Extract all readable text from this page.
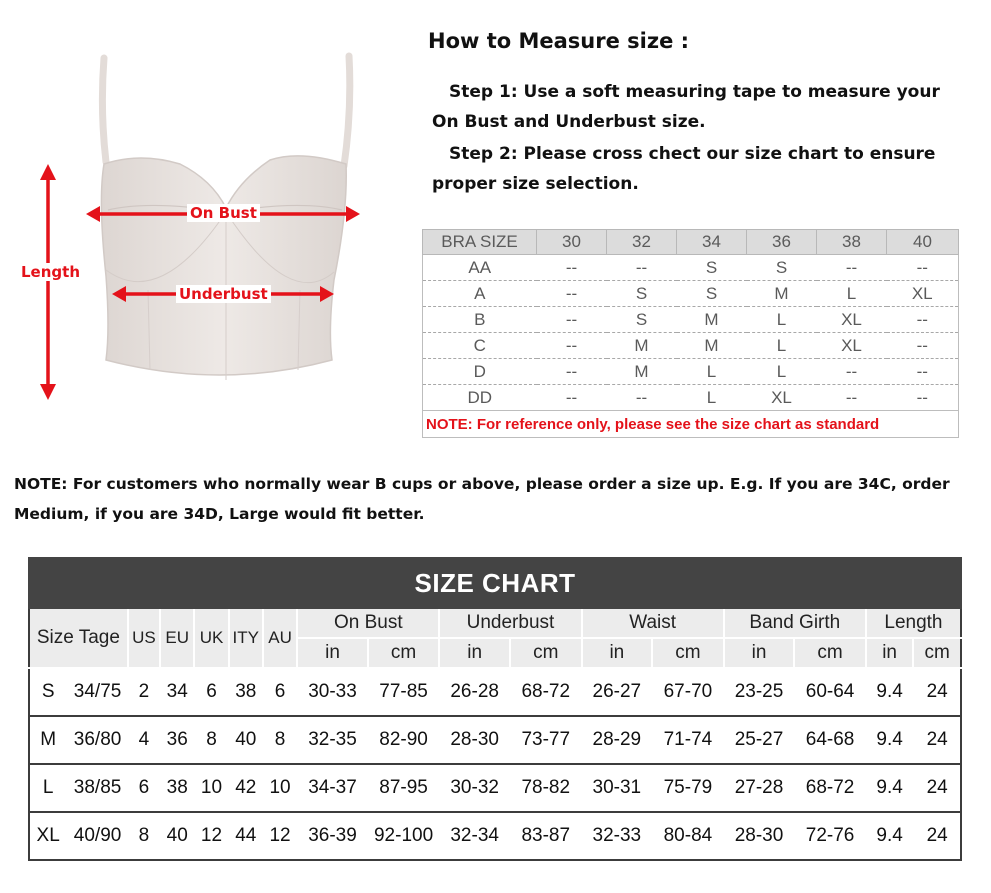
On Bust
Underbust
Length
How to Measure size :
Step 1: Use a soft measuring tape to measure your On Bust and Underbust size.
Step 2: Please cross chect our size chart to ensure proper size selection.
BRA SIZE	30	32	34	36	38	40
AA	--	--	S	S	--	--
A	--	S	S	M	L	XL
B	--	S	M	L	XL	--
C	--	M	M	L	XL	--
D	--	M	L	L	--	--
DD	--	--	L	XL	--	--
NOTE: For reference only, please see the size chart as standard						
NOTE: For customers who normally wear B cups or above, please order a size up. E.g. If you are 34C, order Medium, if you are 34D, Large would fit better.
SIZE CHART																
Size Tage		US	EU	UK	ITY	AU	On Bust		Underbust		Waist		Band Girth		Length	
							in	cm	in	cm	in	cm	in	cm	in	cm
S	34/75	2	34	6	38	6	30-33	77-85	26-28	68-72	26-27	67-70	23-25	60-64	9.4	24
M	36/80	4	36	8	40	8	32-35	82-90	28-30	73-77	28-29	71-74	25-27	64-68	9.4	24
L	38/85	6	38	10	42	10	34-37	87-95	30-32	78-82	30-31	75-79	27-28	68-72	9.4	24
XL	40/90	8	40	12	44	12	36-39	92-100	32-34	83-87	32-33	80-84	28-30	72-76	9.4	24
